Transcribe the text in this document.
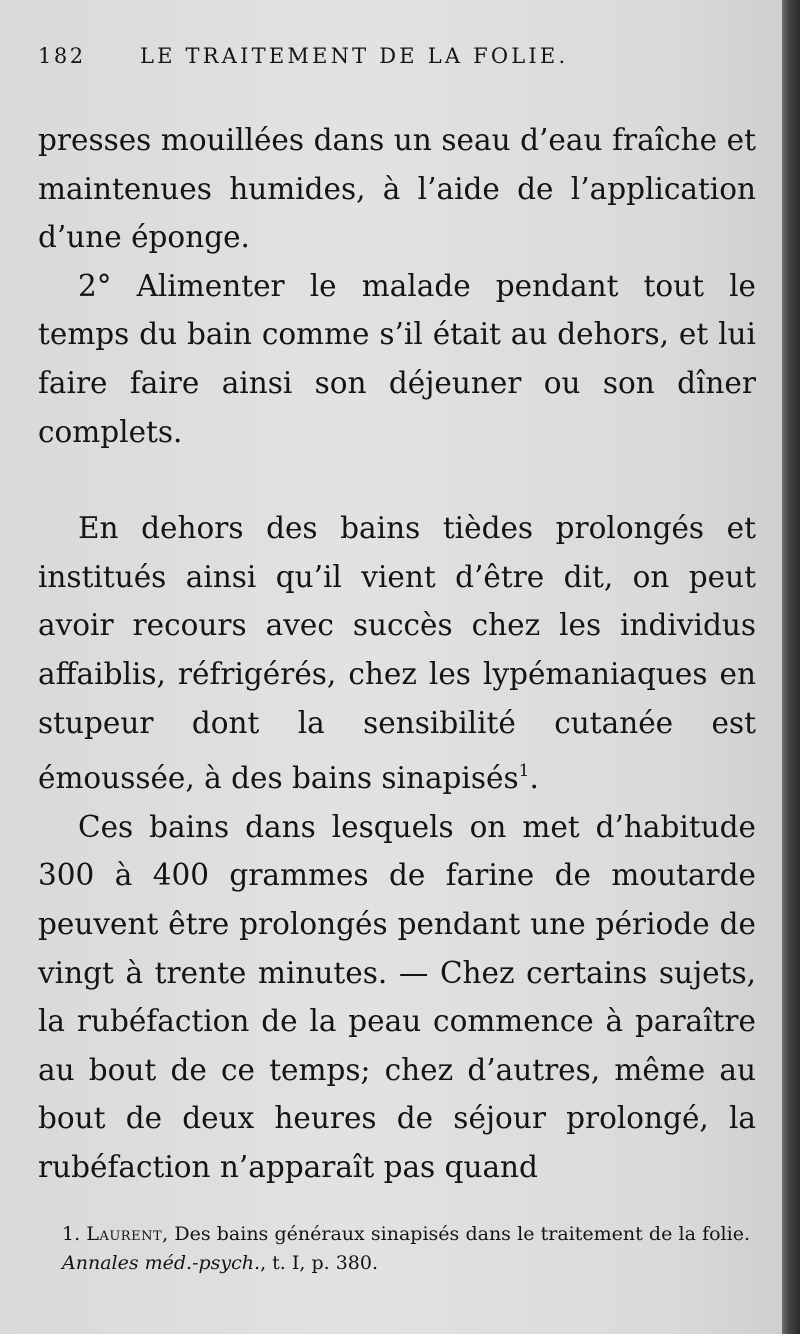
182	LE TRAITEMENT DE LA FOLIE.

presses mouillées dans un seau d’eau fraîche et maintenues humides, à l’aide de l’application d’une éponge.

2° Alimenter le malade pendant tout le temps du bain comme s’il était au dehors, et lui faire faire ainsi son déjeuner ou son dîner complets.

En dehors des bains tièdes prolongés et institués ainsi qu’il vient d’être dit, on peut avoir recours avec succès chez les individus affaiblis, réfrigérés, chez les lypémaniaques en stupeur dont la sensibilité cutanée est émoussée, à des bains sinapisés$^1$.

Ces bains dans lesquels on met d’habitude 300 à 400 grammes de farine de moutarde peuvent être prolongés pendant une période de vingt à trente minutes. — Chez certains sujets, la rubéfaction de la peau commence à paraître au bout de ce temps; chez d’autres, même au bout de deux heures de séjour prolongé, la rubéfaction n’apparaît pas quand

1. Laurent, Des bains généraux sinapisés dans le traitement de la folie. Annales méd.-psych., t. I, p. 380.
